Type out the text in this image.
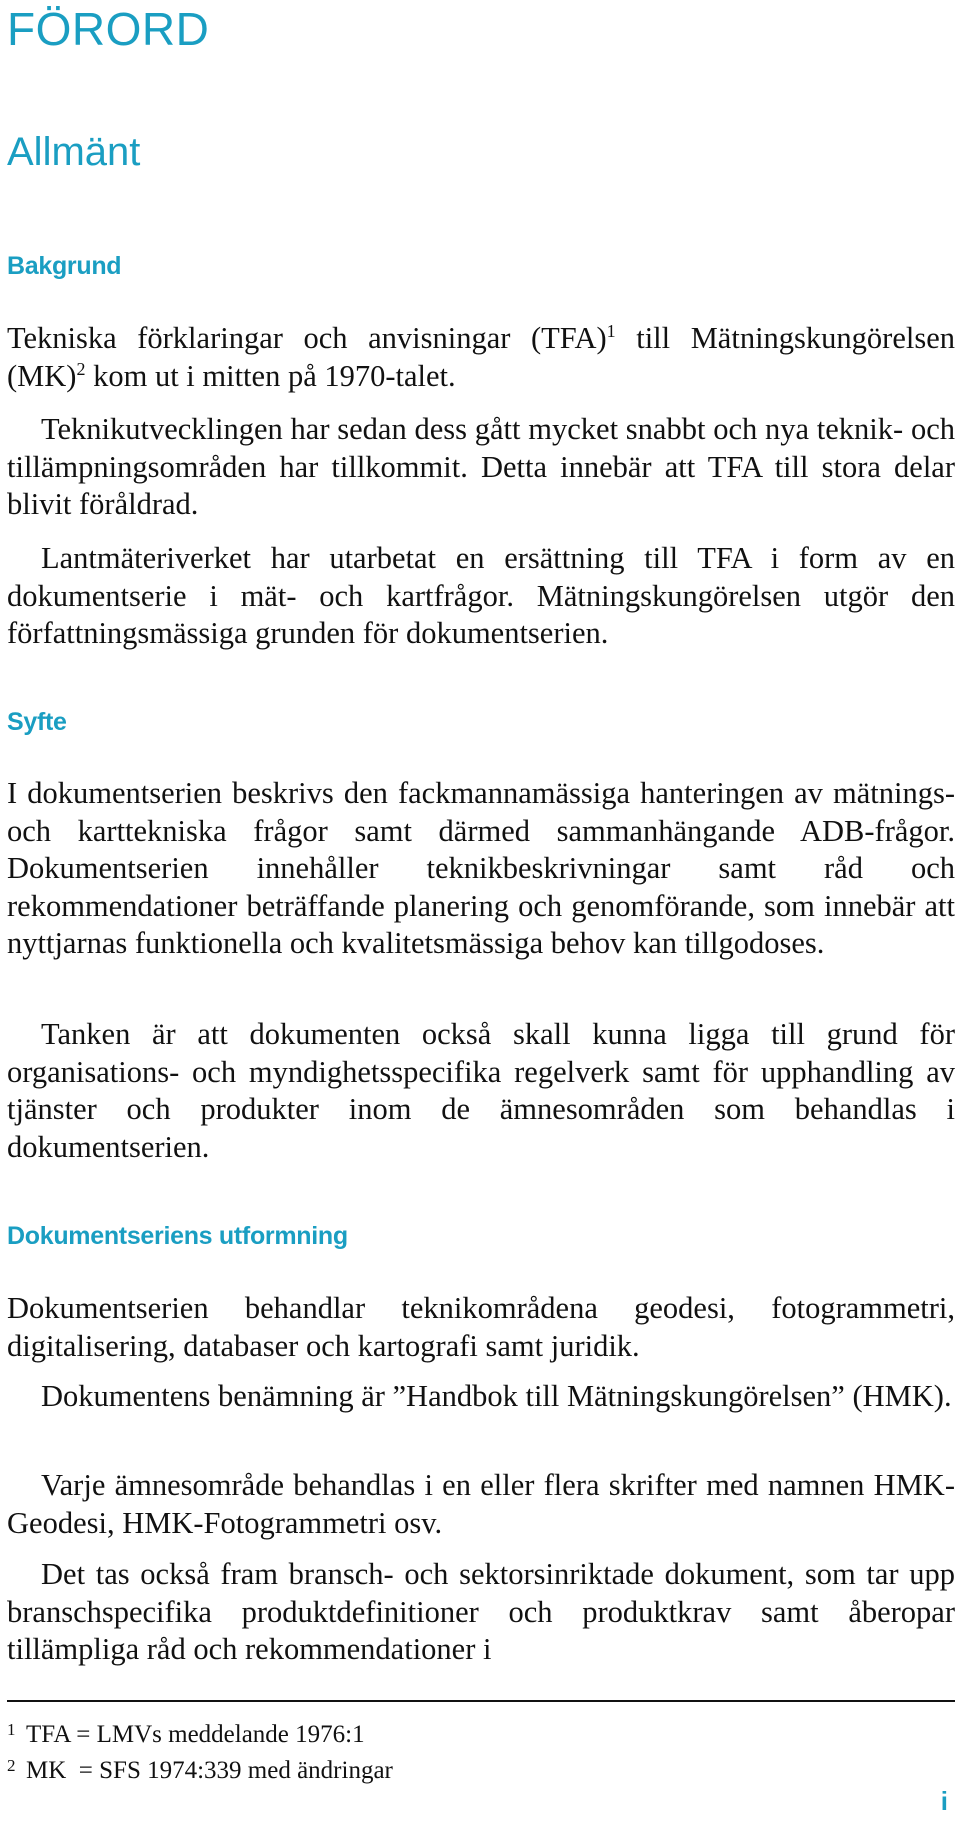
FÖRORD
Allmänt
Bakgrund

Tekniska förklaringar och anvisningar (TFA)$^1$ till Mätningskungörelsen (MK)$^2$ kom ut i mitten på 1970-talet.

Teknikutvecklingen har sedan dess gått mycket snabbt och nya teknik- och tillämpningsområden har tillkommit. Detta innebär att TFA till stora delar blivit föråldrad.

Lantmäteriverket har utarbetat en ersättning till TFA i form av en dokumentserie i mät- och kartfrågor. Mätningskungörelsen utgör den författningsmässiga grunden för dokumentserien.

Syfte

I dokumentserien beskrivs den fackmannamässiga hanteringen av mätnings- och karttekniska frågor samt därmed sammanhängande ADB-frågor. Dokumentserien innehåller teknikbeskrivningar samt råd och rekommendationer beträffande planering och genomförande, som innebär att nyttjarnas funktionella och kvalitetsmässiga behov kan tillgodoses.

Tanken är att dokumenten också skall kunna ligga till grund för organisations- och myndighetsspecifika regelverk samt för upphandling av tjänster och produkter inom de ämnesområden som behandlas i dokumentserien.

Dokumentseriens utformning

Dokumentserien behandlar teknikområdena geodesi, fotogrammetri, digitalisering, databaser och kartografi samt juridik.

Dokumentens benämning är ”Handbok till Mätningskungörelsen” (HMK).

Varje ämnesområde behandlas i en eller flera skrifter med namnen HMK-Geodesi, HMK-Fotogrammetri osv.

Det tas också fram bransch- och sektorsinriktade dokument, som tar upp branschspecifika produktdefinitioner och produktkrav samt åberopar tillämpliga råd och rekommendationer i

1 TFA = LMVs meddelande 1976:1

2 MK  = SFS 1974:339 med ändringar

i
